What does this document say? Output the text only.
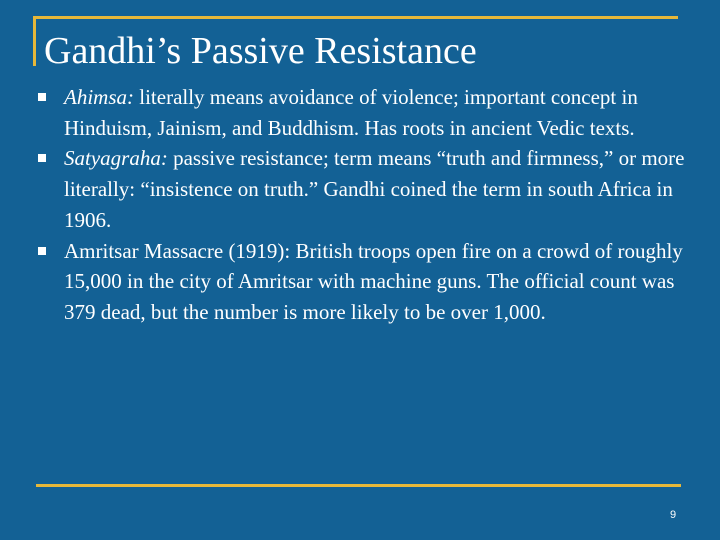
Gandhi’s Passive Resistance
Ahimsa: literally means avoidance of violence; important concept in Hinduism, Jainism, and Buddhism. Has roots in ancient Vedic texts.
Satyagraha: passive resistance; term means “truth and firmness,” or more literally: “insistence on truth.” Gandhi coined the term in south Africa in 1906.
Amritsar Massacre (1919): British troops open fire on a crowd of roughly 15,000 in the city of Amritsar with machine guns. The official count was 379 dead, but the number is more likely to be over 1,000.
9
